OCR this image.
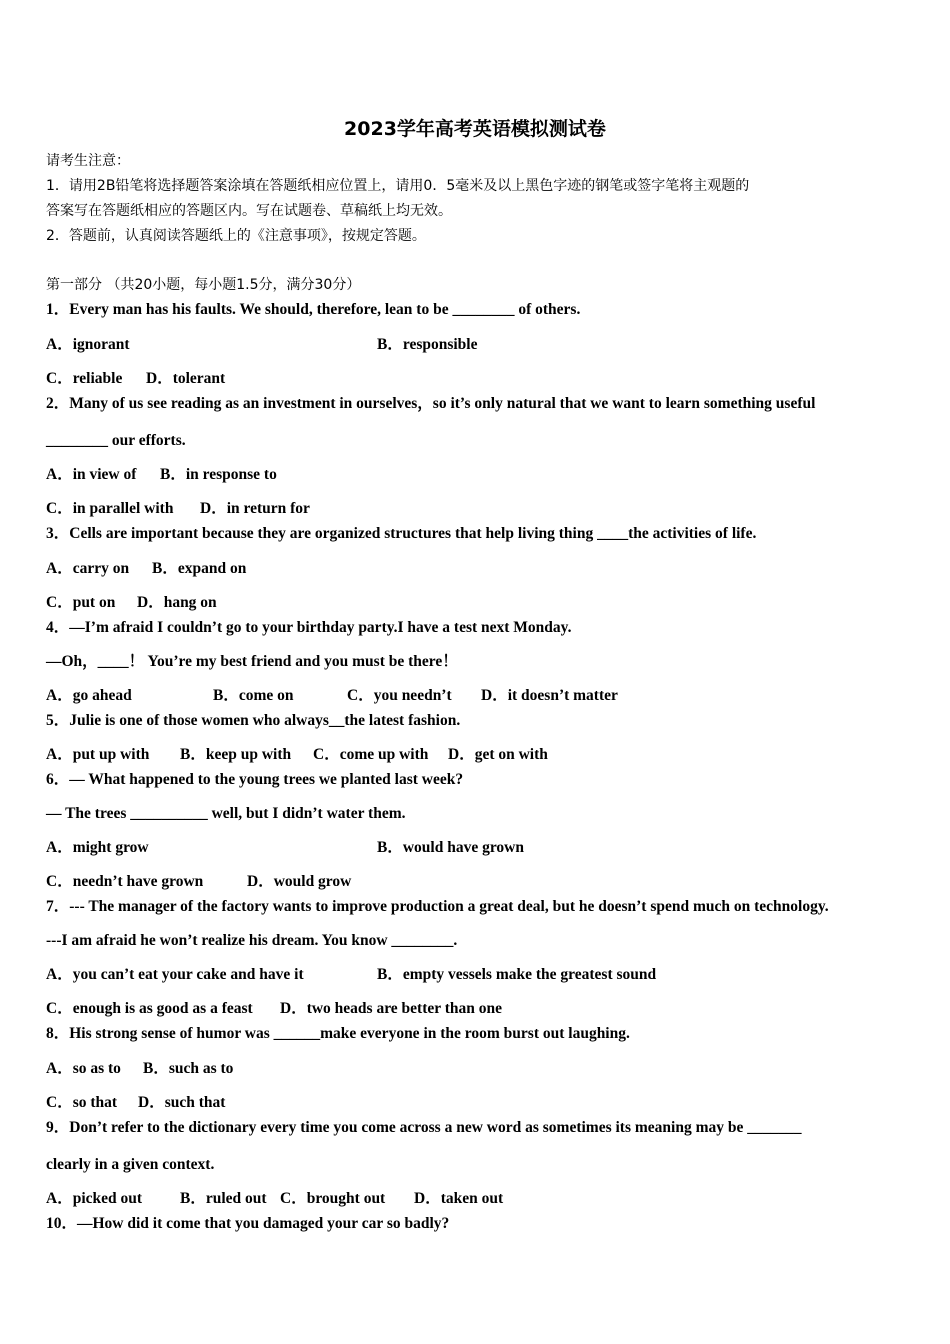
2023学年高考英语模拟测试卷
请考生注意：
1．请用2B铅笔将选择题答案涂填在答题纸相应位置上，请用0．5毫米及以上黑色字迹的钢笔或签字笔将主观题的
答案写在答题纸相应的答题区内。写在试题卷、草稿纸上均无效。
2．答题前，认真阅读答题纸上的《注意事项》，按规定答题。
第一部分 （共20小题，每小题1.5分，满分30分）
1．Every man has his faults. We should, therefore, lean to be ________ of others.
A．ignorant	B．responsible
C．reliable D．tolerant
2．Many of us see reading as an investment in ourselves，so it’s only natural that we want to learn something useful
________ our efforts.
A．in view of B．in response to
C．in parallel with D．in return for
3．Cells are important because they are organized structures that help living thing ____the activities of life.
A．carry on B．expand on
C．put on D．hang on
4．—I’m afraid I couldn’t go to your birthday party.I have a test next Monday.
—Oh，____！ You’re my best friend and you must be there！
A．go ahead	B．come on	C．you needn’t D．it doesn’t matter
5．Julie is one of those women who always__the latest fashion.
A．put up with B．keep up with C．come up with D．get on with
6．— What happened to the young trees we planted last week?
— The trees __________ well, but I didn’t water them.
A．might grow	B．would have grown
C．needn’t have grown	D．would grow
7．--- The manager of the factory wants to improve production a great deal, but he doesn’t spend much on technology.
---I am afraid he won’t realize his dream. You know ________.
A．you can’t eat your cake and have it	B．empty vessels make the greatest sound
C．enough is as good as a feast D．two heads are better than one
8．His strong sense of humor was ______make everyone in the room burst out laughing.
A．so as to B．such as to
C．so that D．such that
9．Don’t refer to the dictionary every time you come across a new word as sometimes its meaning may be _______
clearly in a given context.
A．picked out B．ruled out C．brought out D．taken out
10．—How did it come that you damaged your car so badly?
